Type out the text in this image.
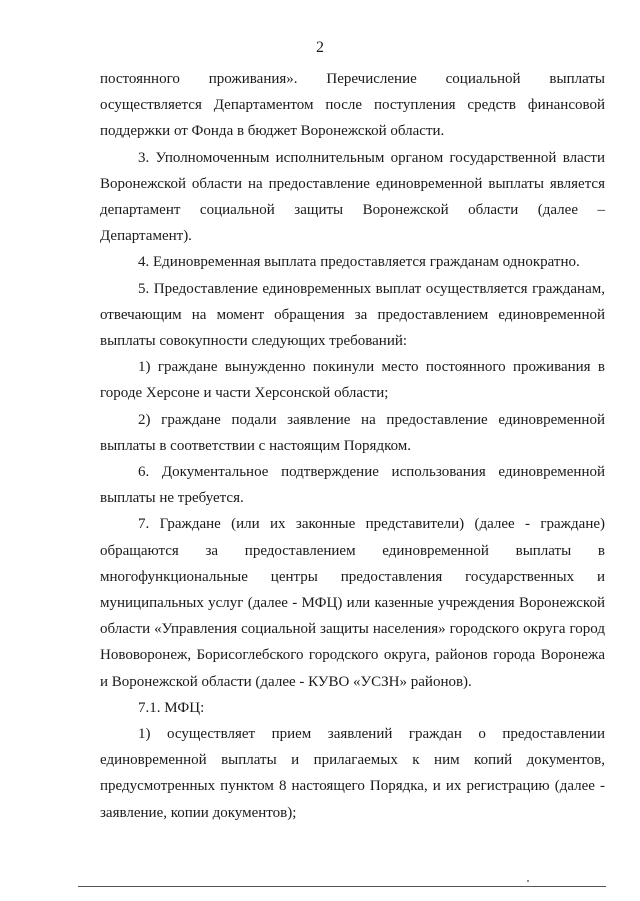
2

постоянного проживания». Перечисление социальной выплаты осуществляется Департаментом после поступления средств финансовой поддержки от Фонда в бюджет Воронежской области.

3. Уполномоченным исполнительным органом государственной власти Воронежской области на предоставление единовременной выплаты является департамент социальной защиты Воронежской области (далее – Департамент).

4. Единовременная выплата предоставляется гражданам однократно.

5. Предоставление единовременных выплат осуществляется гражданам, отвечающим на момент обращения за предоставлением единовременной выплаты совокупности следующих требований:

1) граждане вынужденно покинули место постоянного проживания в городе Херсоне и части Херсонской области;

2) граждане подали заявление на предоставление единовременной выплаты в соответствии с настоящим Порядком.

6. Документальное подтверждение использования единовременной выплаты не требуется.

7. Граждане (или их законные представители) (далее - граждане) обращаются за предоставлением единовременной выплаты в многофункциональные центры предоставления государственных и муниципальных услуг (далее - МФЦ) или казенные учреждения Воронежской области «Управления социальной защиты населения» городского округа город Нововоронеж, Борисоглебского городского округа, районов города Воронежа и Воронежской области (далее - КУВО «УСЗН» районов).

7.1. МФЦ:

1) осуществляет прием заявлений граждан о предоставлении единовременной выплаты и прилагаемых к ним копий документов, предусмотренных пунктом 8 настоящего Порядка, и их регистрацию (далее - заявление, копии документов);
